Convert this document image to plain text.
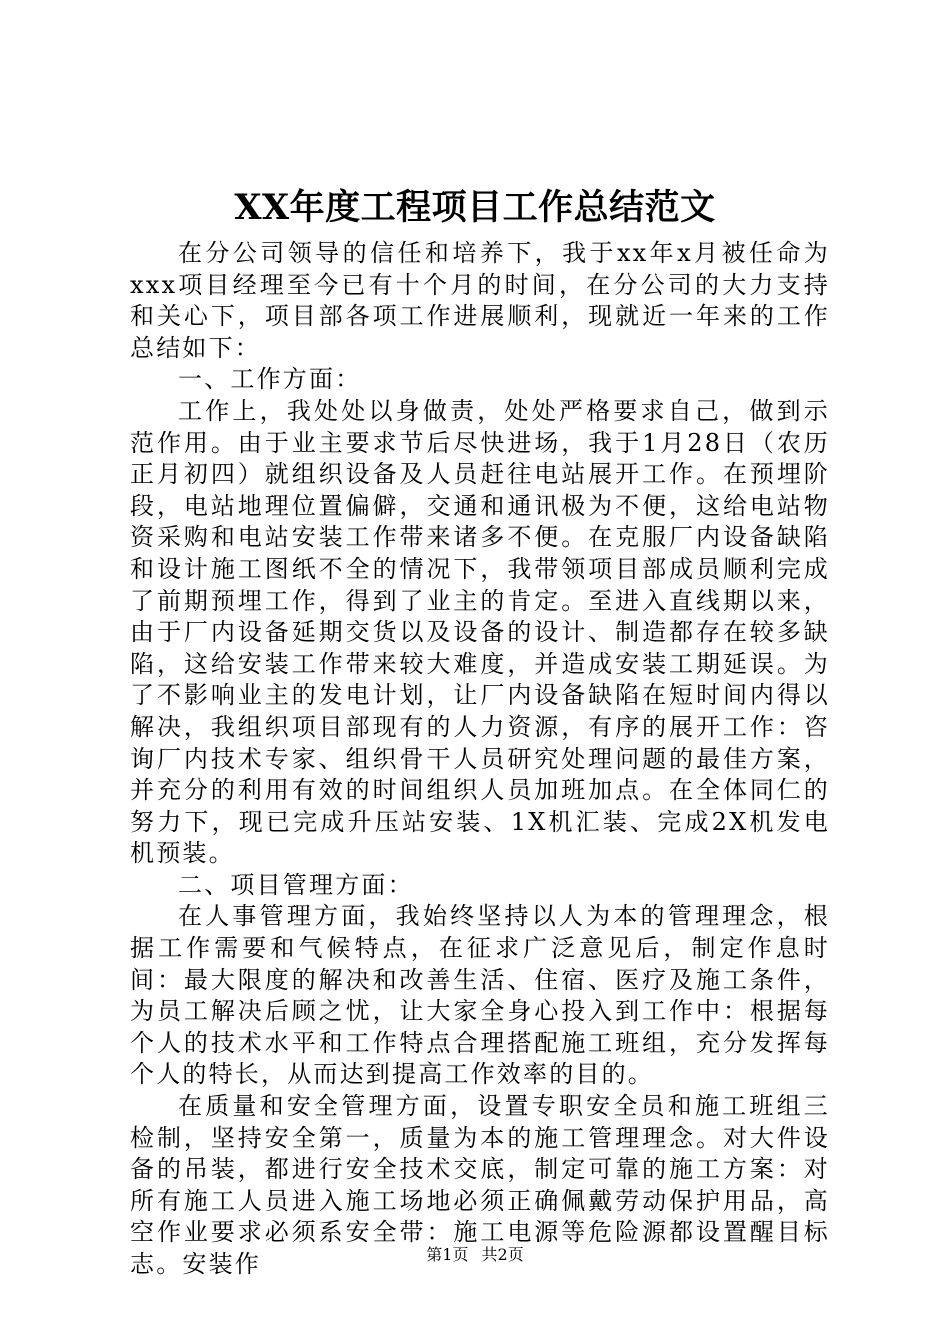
XX年度工程项目工作总结范文

在分公司领导的信任和培养下，我于xx年x月被任命为xxx项目经理至今已有十个月的时间，在分公司的大力支持和关心下，项目部各项工作进展顺利，现就近一年来的工作总结如下：

一、工作方面：

工作上，我处处以身做责，处处严格要求自己，做到示范作用。由于业主要求节后尽快进场，我于1月28日（农历正月初四）就组织设备及人员赶往电站展开工作。在预埋阶段，电站地理位置偏僻，交通和通讯极为不便，这给电站物资采购和电站安装工作带来诸多不便。在克服厂内设备缺陷和设计施工图纸不全的情况下，我带领项目部成员顺利完成了前期预埋工作，得到了业主的肯定。至进入直线期以来，由于厂内设备延期交货以及设备的设计、制造都存在较多缺陷，这给安装工作带来较大难度，并造成安装工期延误。为了不影响业主的发电计划，让厂内设备缺陷在短时间内得以解决，我组织项目部现有的人力资源，有序的展开工作：咨询厂内技术专家、组织骨干人员研究处理问题的最佳方案，并充分的利用有效的时间组织人员加班加点。在全体同仁的努力下，现已完成升压站安装、1X机汇装、完成2X机发电机预装。

二、项目管理方面：

在人事管理方面，我始终坚持以人为本的管理理念，根据工作需要和气候特点，在征求广泛意见后，制定作息时间：最大限度的解决和改善生活、住宿、医疗及施工条件，为员工解决后顾之忧，让大家全身心投入到工作中：根据每个人的技术水平和工作特点合理搭配施工班组，充分发挥每个人的特长，从而达到提高工作效率的目的。

在质量和安全管理方面，设置专职安全员和施工班组三检制，坚持安全第一，质量为本的施工管理理念。对大件设备的吊装，都进行安全技术交底，制定可靠的施工方案：对所有施工人员进入施工场地必须正确佩戴劳动保护用品，高空作业要求必须系安全带：施工电源等危险源都设置醒目标志。安装作	第1页 共2页
